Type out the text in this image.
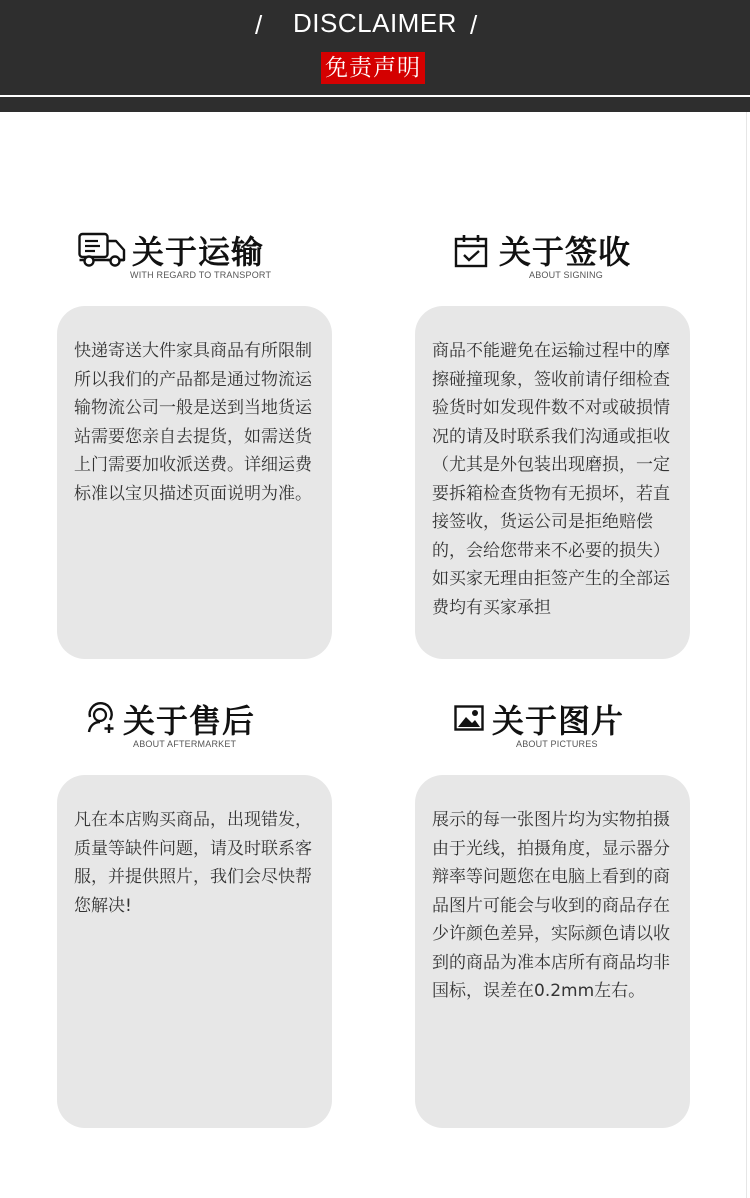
/	DISCLAIMER /
免责声明
关于运输
WITH REGARD TO TRANSPORT
快递寄送大件家具商品有所限制所以我们的产品都是通过物流运输物流公司一般是送到当地货运站需要您亲自去提货，如需送货上门需要加收派送费。详细运费标准以宝贝描述页面说明为准。
关于签收
ABOUT SIGNING
商品不能避免在运输过程中的摩擦碰撞现象，签收前请仔细检查验货时如发现件数不对或破损情况的请及时联系我们沟通或拒收（尤其是外包装出现磨损，一定要拆箱检查货物有无损坏，若直接签收，货运公司是拒绝赔偿的，会给您带来不必要的损失）如买家无理由拒签产生的全部运费均有买家承担
关于售后
ABOUT AFTERMARKET
凡在本店购买商品，出现错发，质量等缺件问题，请及时联系客服，并提供照片，我们会尽快帮您解决!
关于图片
ABOUT PICTURES
展示的每一张图片均为实物拍摄由于光线，拍摄角度，显示器分辩率等问题您在电脑上看到的商品图片可能会与收到的商品存在少许颜色差异，实际颜色请以收到的商品为准本店所有商品均非国标，误差在0.2mm左右。
